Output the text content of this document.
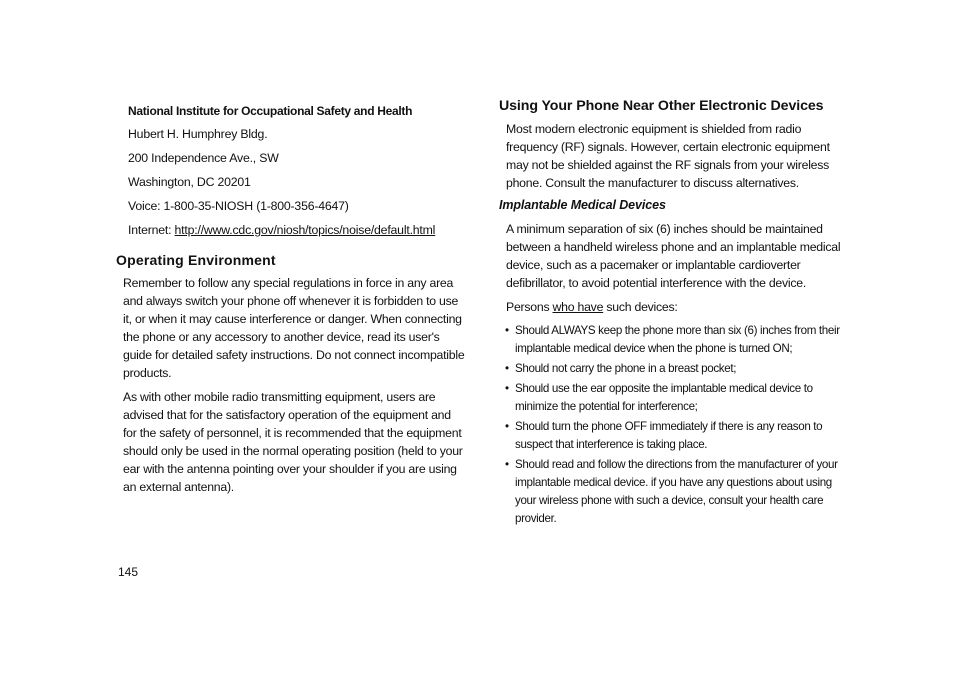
National Institute for Occupational Safety and Health
Hubert H. Humphrey Bldg.
200 Independence Ave., SW
Washington, DC 20201
Voice: 1-800-35-NIOSH (1-800-356-4647)
Internet: http://www.cdc.gov/niosh/topics/noise/default.html
Operating Environment

Remember to follow any special regulations in force in any area and always switch your phone off whenever it is forbidden to use it, or when it may cause interference or danger. When connecting the phone or any accessory to another device, read its user's guide for detailed safety instructions. Do not connect incompatible products.

As with other mobile radio transmitting equipment, users are advised that for the satisfactory operation of the equipment and for the safety of personnel, it is recommended that the equipment should only be used in the normal operating position (held to your ear with the antenna pointing over your shoulder if you are using an external antenna).

Using Your Phone Near Other Electronic Devices

Most modern electronic equipment is shielded from radio frequency (RF) signals. However, certain electronic equipment may not be shielded against the RF signals from your wireless phone. Consult the manufacturer to discuss alternatives.

Implantable Medical Devices

A minimum separation of six (6) inches should be maintained between a handheld wireless phone and an implantable medical device, such as a pacemaker or implantable cardioverter defibrillator, to avoid potential interference with the device.

Persons who have such devices:

• Should ALWAYS keep the phone more than six (6) inches from their implantable medical device when the phone is turned ON;
• Should not carry the phone in a breast pocket;
• Should use the ear opposite the implantable medical device to minimize the potential for interference;
• Should turn the phone OFF immediately if there is any reason to suspect that interference is taking place.
• Should read and follow the directions from the manufacturer of your implantable medical device. if you have any questions about using your wireless phone with such a device, consult your health care provider.
145
